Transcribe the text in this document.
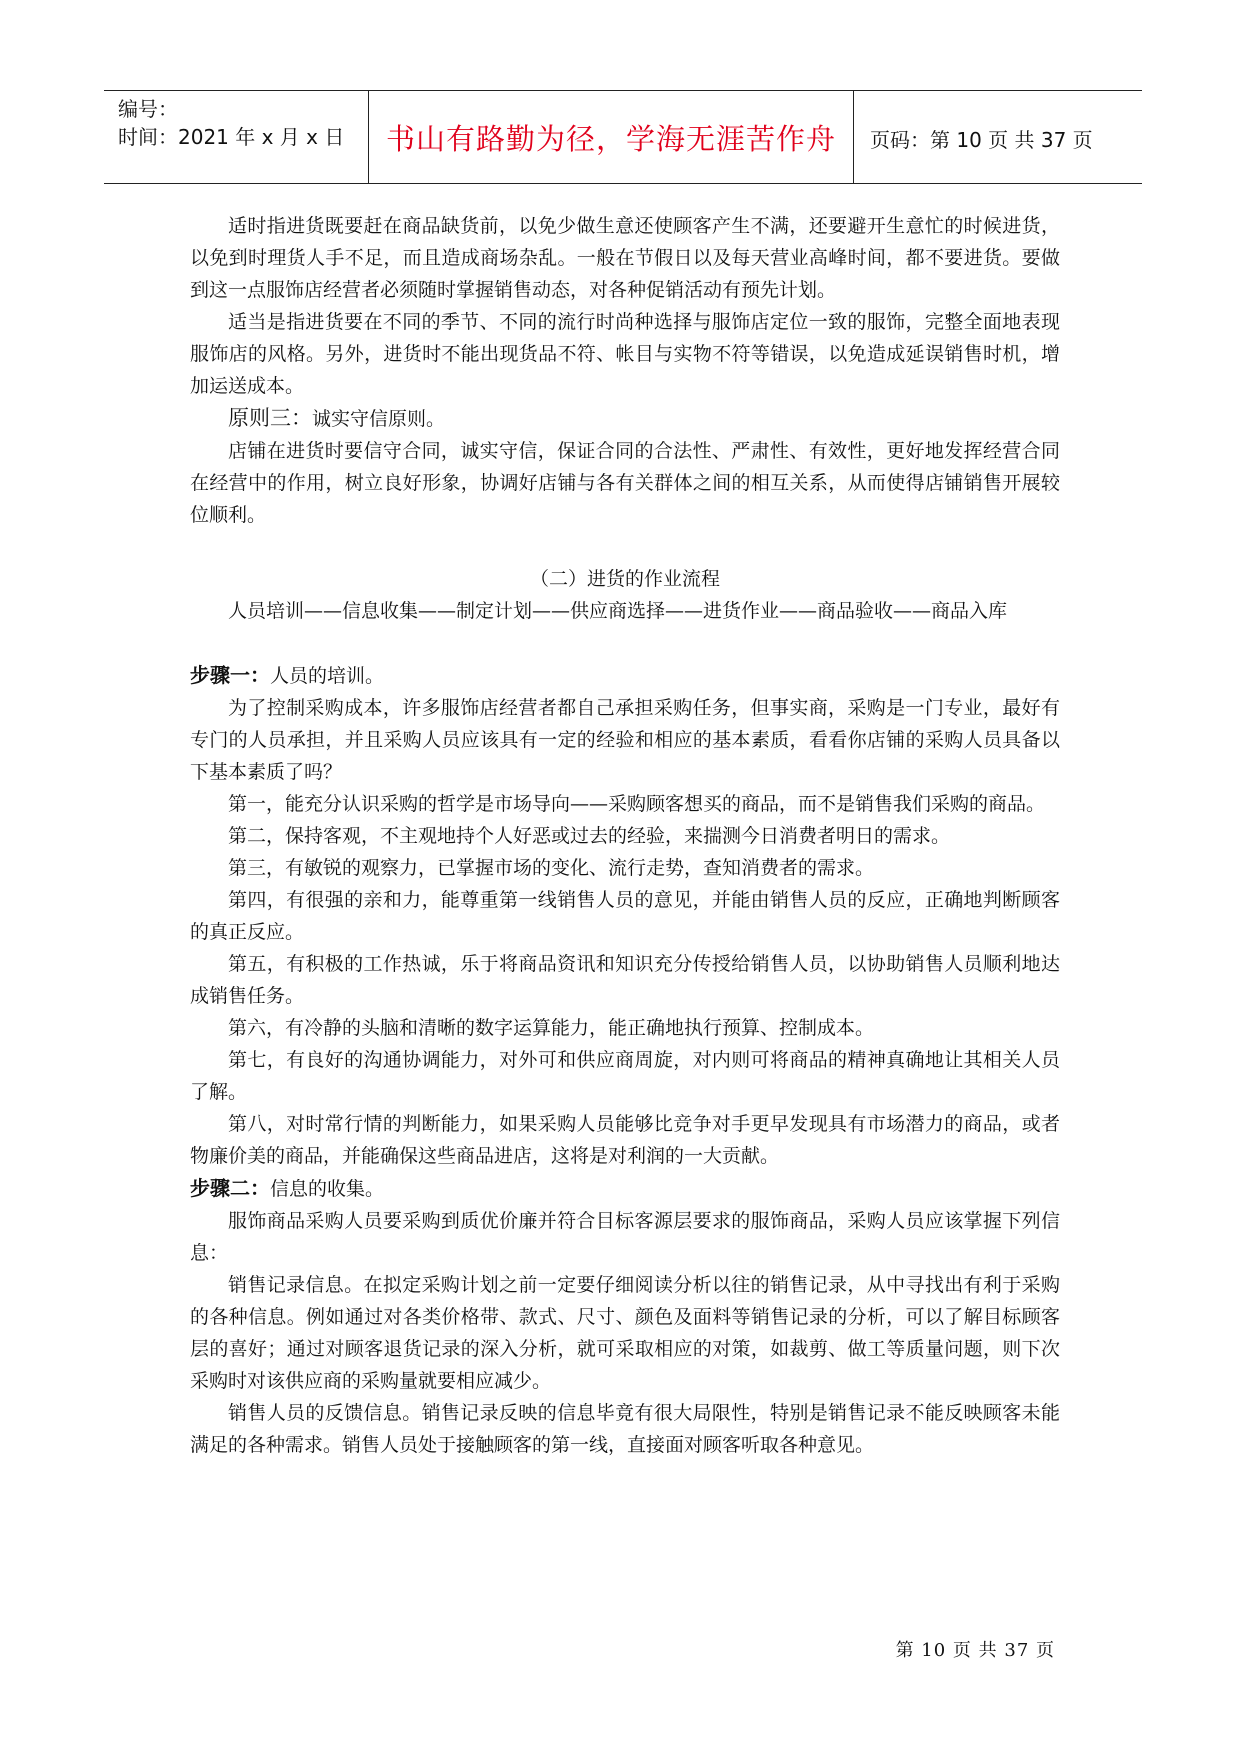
编号：
时间：2021 年 x 月 x 日	书山有路勤为径，学海无涯苦作舟	页码：第 10 页 共 37 页

适时指进货既要赶在商品缺货前，以免少做生意还使顾客产生不满，还要避开生意忙的时候进货，以免到时理货人手不足，而且造成商场杂乱。一般在节假日以及每天营业高峰时间，都不要进货。要做到这一点服饰店经营者必须随时掌握销售动态，对各种促销活动有预先计划。

适当是指进货要在不同的季节、不同的流行时尚种选择与服饰店定位一致的服饰，完整全面地表现服饰店的风格。另外，进货时不能出现货品不符、帐目与实物不符等错误，以免造成延误销售时机，增加运送成本。

原则三：诚实守信原则。

店铺在进货时要信守合同，诚实守信，保证合同的合法性、严肃性、有效性，更好地发挥经营合同在经营中的作用，树立良好形象，协调好店铺与各有关群体之间的相互关系，从而使得店铺销售开展较位顺利。

（二）进货的作业流程

人员培训——信息收集——制定计划——供应商选择——进货作业——商品验收——商品入库

步骤一：人员的培训。

为了控制采购成本，许多服饰店经营者都自己承担采购任务，但事实商，采购是一门专业，最好有专门的人员承担，并且采购人员应该具有一定的经验和相应的基本素质，看看你店铺的采购人员具备以下基本素质了吗？

第一，能充分认识采购的哲学是市场导向——采购顾客想买的商品，而不是销售我们采购的商品。

第二，保持客观，不主观地持个人好恶或过去的经验，来揣测今日消费者明日的需求。

第三，有敏锐的观察力，已掌握市场的变化、流行走势，查知消费者的需求。

第四，有很强的亲和力，能尊重第一线销售人员的意见，并能由销售人员的反应，正确地判断顾客的真正反应。

第五，有积极的工作热诚，乐于将商品资讯和知识充分传授给销售人员，以协助销售人员顺利地达成销售任务。

第六，有冷静的头脑和清晰的数字运算能力，能正确地执行预算、控制成本。

第七，有良好的沟通协调能力，对外可和供应商周旋，对内则可将商品的精神真确地让其相关人员了解。

第八，对时常行情的判断能力，如果采购人员能够比竞争对手更早发现具有市场潜力的商品，或者物廉价美的商品，并能确保这些商品进店，这将是对利润的一大贡献。

步骤二：信息的收集。

服饰商品采购人员要采购到质优价廉并符合目标客源层要求的服饰商品，采购人员应该掌握下列信息：

销售记录信息。在拟定采购计划之前一定要仔细阅读分析以往的销售记录，从中寻找出有利于采购的各种信息。例如通过对各类价格带、款式、尺寸、颜色及面料等销售记录的分析，可以了解目标顾客层的喜好；通过对顾客退货记录的深入分析，就可采取相应的对策，如裁剪、做工等质量问题，则下次采购时对该供应商的采购量就要相应减少。

销售人员的反馈信息。销售记录反映的信息毕竟有很大局限性，特别是销售记录不能反映顾客未能满足的各种需求。销售人员处于接触顾客的第一线，直接面对顾客听取各种意见。

第 10 页 共 37 页
